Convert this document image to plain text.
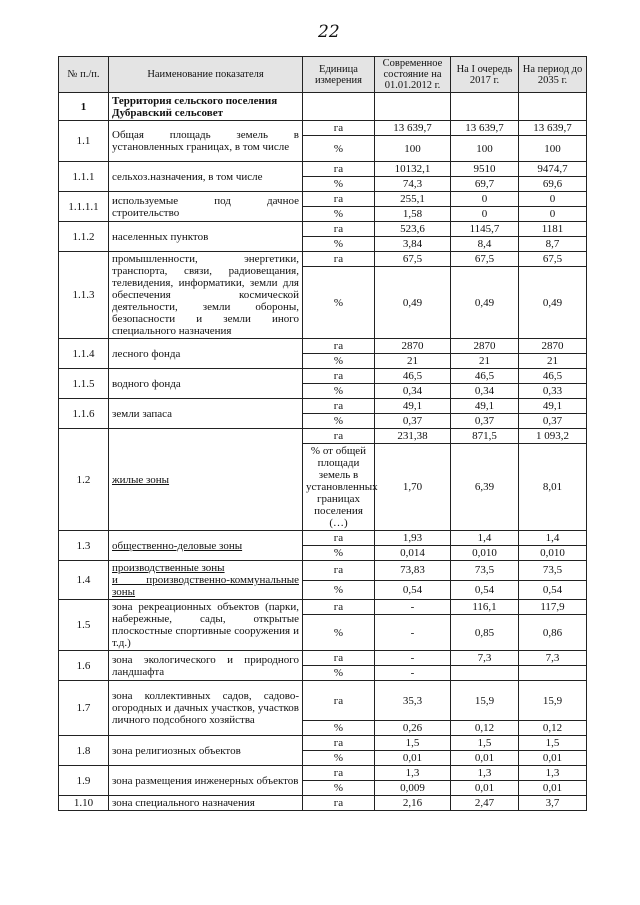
22
№ п./п.	Наименование показателя	Единица измерения	Современное состояние на 01.01.2012 г.	На I очередь 2017 г.	На период до 2035 г.
1	Территория сельского поселения Дубравский сельсовет				
1.1	Общая площадь земель в установленных границах, в том числе	га	13 639,7	13 639,7	13 639,7
		%	100	100	100
1.1.1	сельхоз.назначения, в том числе	га	10132,1	9510	9474,7
		%	74,3	69,7	69,6
1.1.1.1	используемые под дачное строительство	га	255,1	0	0
		%	1,58	0	0
1.1.2	населенных пунктов	га	523,6	1145,7	1181
		%	3,84	8,4	8,7
1.1.3	промышленности, энергетики, транспорта, связи, радиовещания, телевидения, информатики, земли для обеспечения космической деятельности, земли обороны, безопасности и земли иного специального назначения	га	67,5	67,5	67,5
		%	0,49	0,49	0,49
1.1.4	лесного фонда	га	2870	2870	2870
		%	21	21	21
1.1.5	водного фонда	га	46,5	46,5	46,5
		%	0,34	0,34	0,33
1.1.6	земли запаса	га	49,1	49,1	49,1
		%	0,37	0,37	0,37
1.2	жилые зоны	га	231,38	871,5	1 093,2
		% от общей площади земель в установленных границах поселения (…)	1,70	6,39	8,01
1.3	общественно-деловые зоны	га	1,93	1,4	1,4
		%	0,014	0,010	0,010
1.4	производственные зоны
и производственно-коммунальные зоны	га	73,83	73,5	73,5
		%	0,54	0,54	0,54
1.5	зона рекреационных объектов (парки, набережные, сады, открытые плоскостные спортивные сооружения и т.д.)	га	-	116,1	117,9
		%	-	0,85	0,86
1.6	зона экологического и природного ландшафта	га	-	7,3	7,3
		%	-		
1.7	зона коллективных садов, садово-огородных и дачных участков, участков личного подсобного хозяйства	га	35,3	15,9	15,9
		%	0,26	0,12	0,12
1.8	зона религиозных объектов	га	1,5	1,5	1,5
		%	0,01	0,01	0,01
1.9	зона размещения инженерных объектов	га	1,3	1,3	1,3
		%	0,009	0,01	0,01
1.10	зона специального назначения	га	2,16	2,47	3,7
